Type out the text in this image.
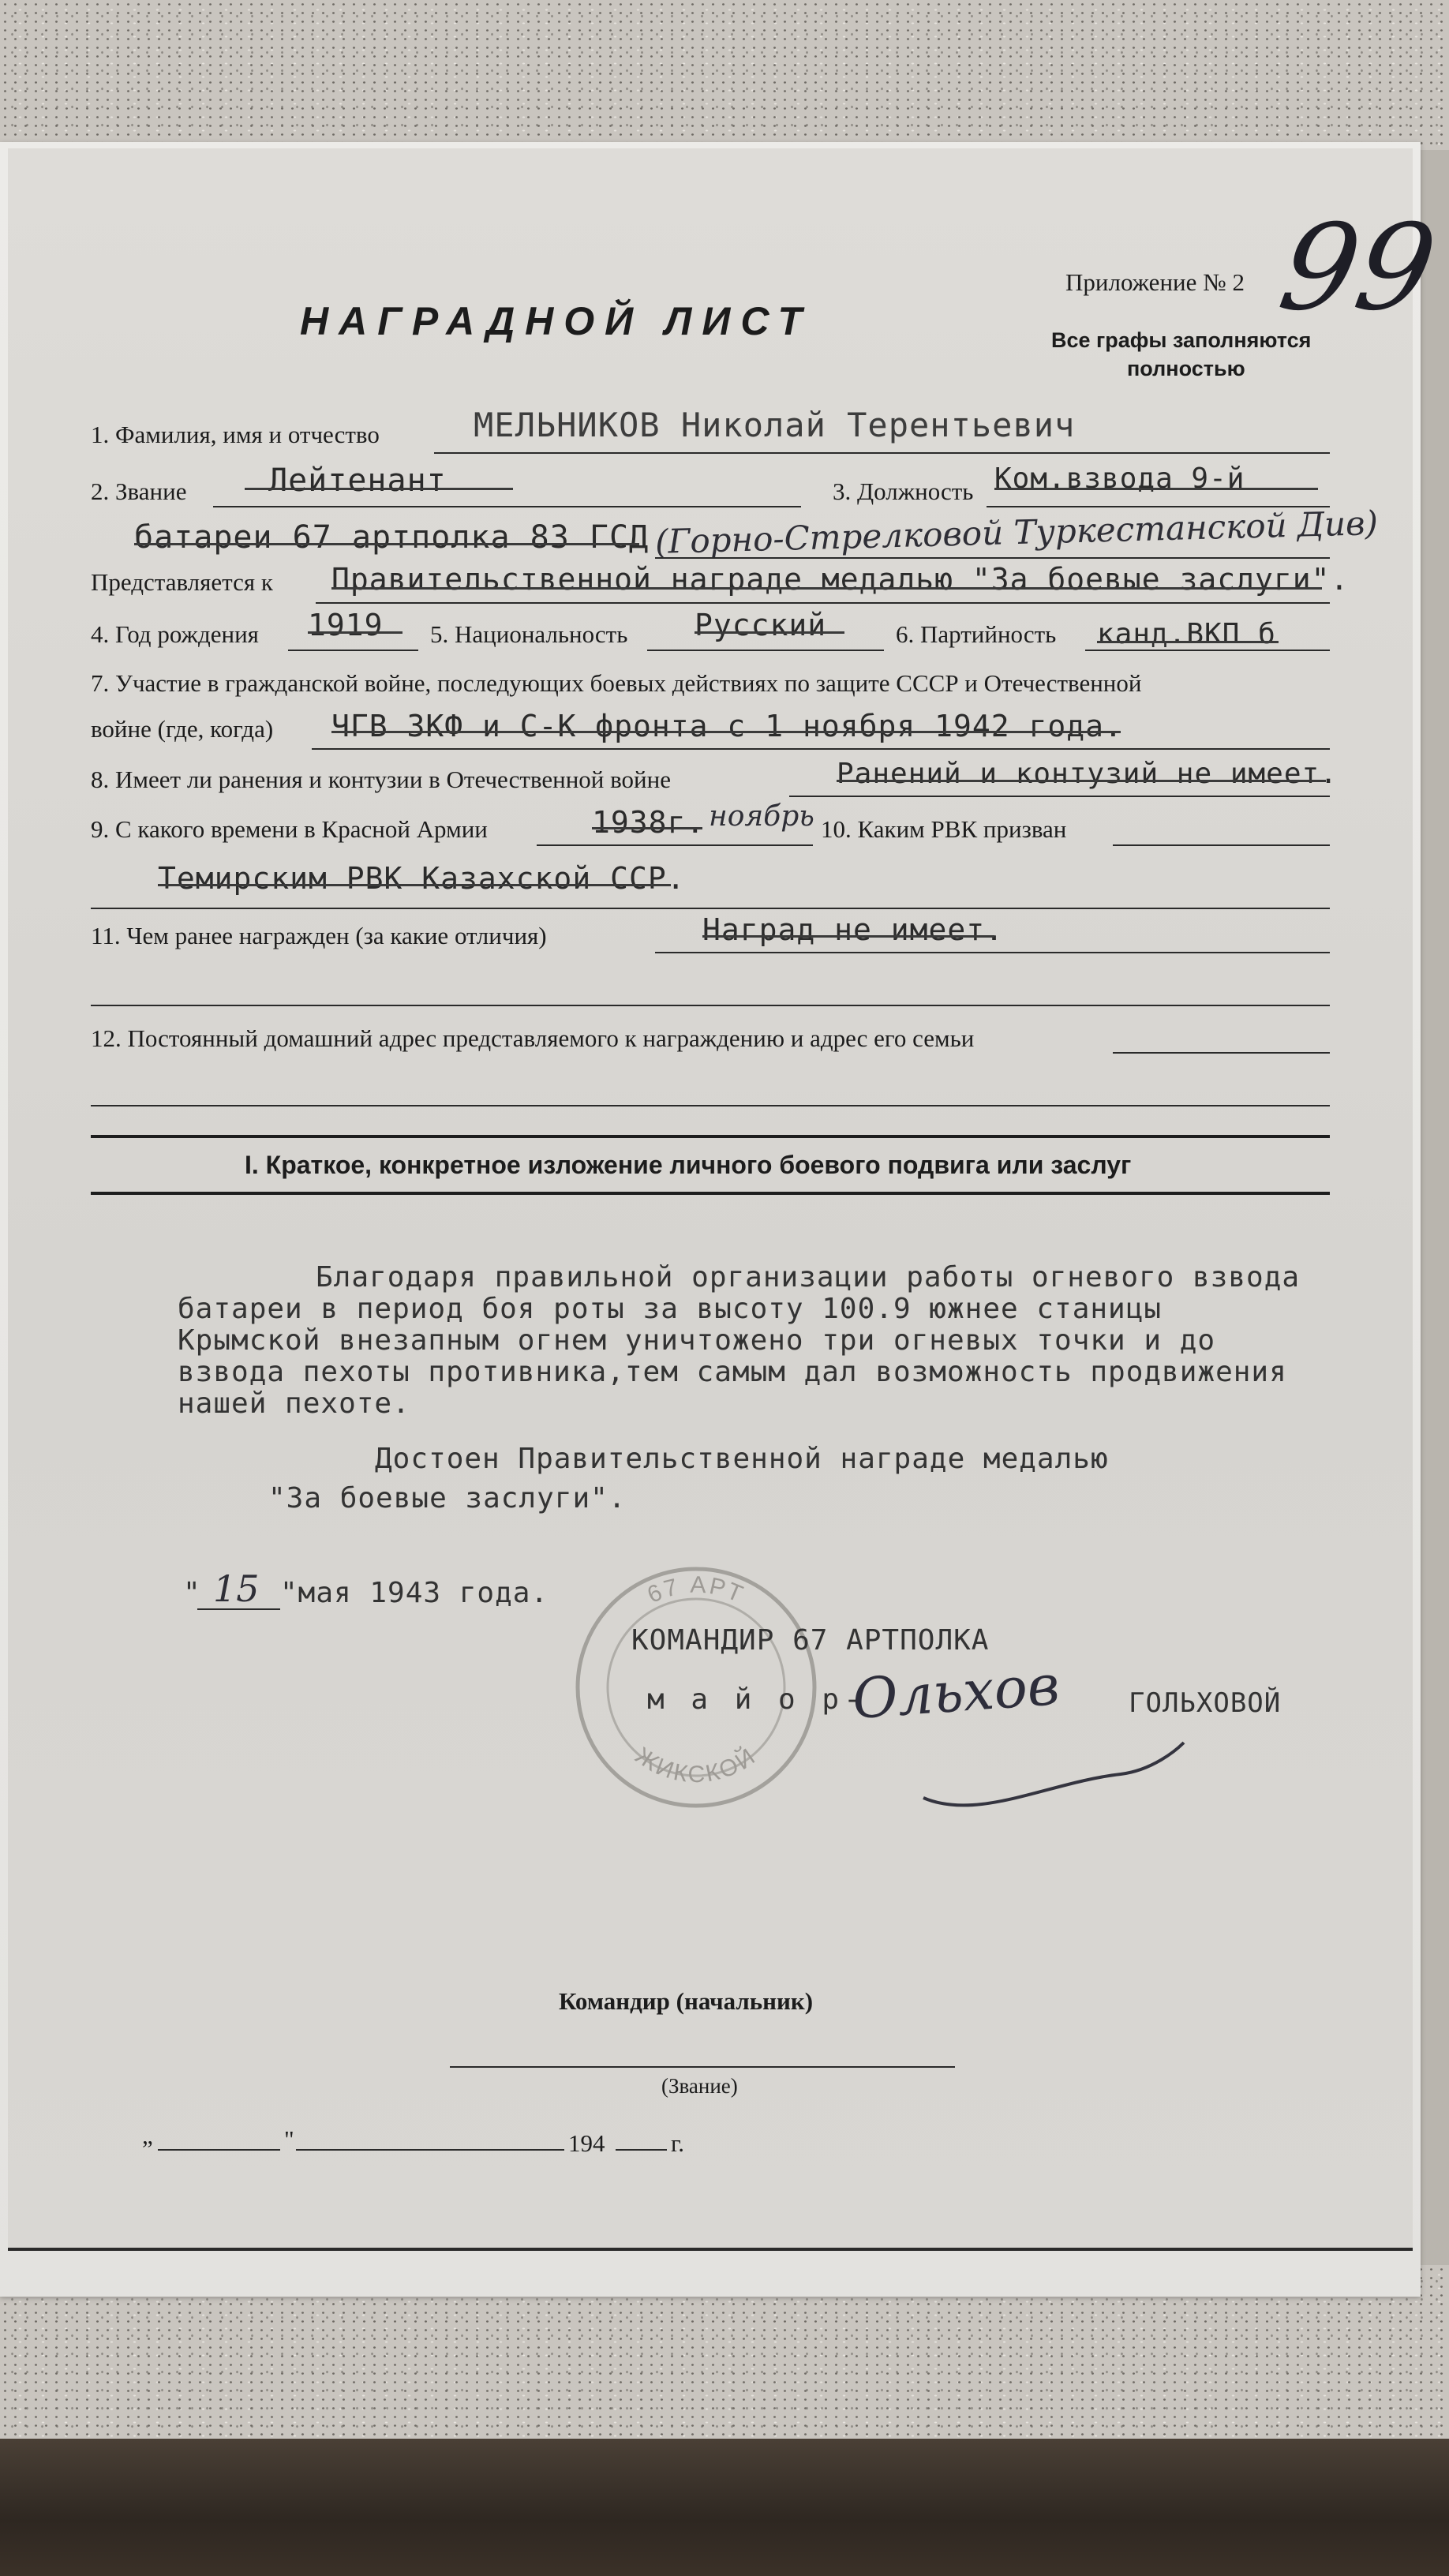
НАГРАДНОЙ ЛИСТ
Приложение № 2
Все графы заполняются
полностью
99
1. Фамилия, имя и отчество	МЕЛЬНИКОВ Николай Терентьевич
2. Звание	Лейтенант	3. Должность Ком.взвода 9-й
батареи 67 артполка 83 ГСД (Горно-Стрелковой Туркестанской Див)
Представляется к Правительственной награде медалью "За боевые заслуги".
4. Год рождения 1919 5. Национальность Русский	6. Партийность канд.ВКП б
7. Участие в гражданской войне, последующих боевых действиях по защите СССР и Отечественной
войне (где, когда) ЧГВ ЗКФ и С-К фронта с 1 ноября 1942 года.
8. Имеет ли ранения и контузии в Отечественной войне	Ранений и контузий не имеет.
9. С какого времени в Красной Армии	1938г. ноябрь 10. Каким РВК призван
Темирским РВК Казахской ССР.
11. Чем ранее награжден (за какие отличия)	Наград не имеет.
12. Постоянный домашний адрес представляемого к награждению и адрес его семьи
I. Краткое, конкретное изложение личного боевого подвига или заслуг
Благодаря правильной организации работы огневого взвода
батареи в период боя роты за высоту 100.9 южнее станицы
Крымской внезапным огнем уничтожено три огневых точки и до
взвода пехоты противника,тем самым дал возможность продвижения
нашей пехоте.
Достоен Правительственной награде медалью
"За боевые заслуги".
" 15 "мая 1943 года.	67 АРТ
ЖИКСКОЙ
КОМАНДИР 67 АРТПОЛКА
м а й о р-
Ольхов	ГОЛЬХОВОЙ
Командир (начальник)
(Звание)
„	"	194	г.
